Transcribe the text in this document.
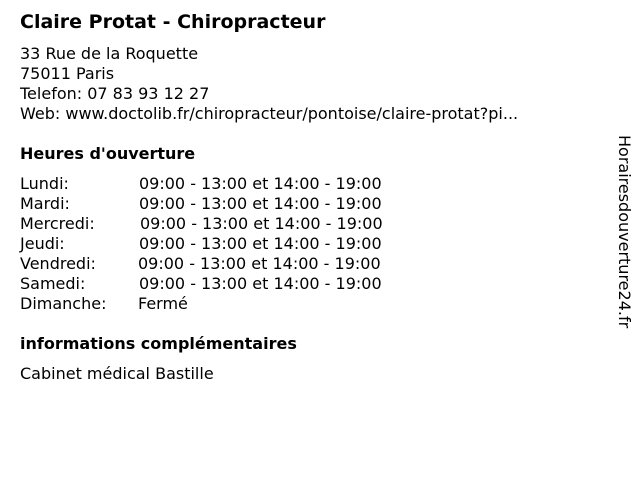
Claire Protat - Chiropracteur
33 Rue de la Roquette
75011 Paris
Telefon: 07 83 93 12 27
Web: www.doctolib.fr/chiropracteur/pontoise/claire-protat?pi...
Heures d'ouverture
Lundi:	09:00 - 13:00 et 14:00 - 19:00
Mardi:	09:00 - 13:00 et 14:00 - 19:00
Mercredi:	09:00 - 13:00 et 14:00 - 19:00
Jeudi:	09:00 - 13:00 et 14:00 - 19:00
Vendredi:	09:00 - 13:00 et 14:00 - 19:00
Samedi:	09:00 - 13:00 et 14:00 - 19:00
Dimanche: Fermé
informations complémentaires
Cabinet médical Bastille
Horairesdouverture24.fr
